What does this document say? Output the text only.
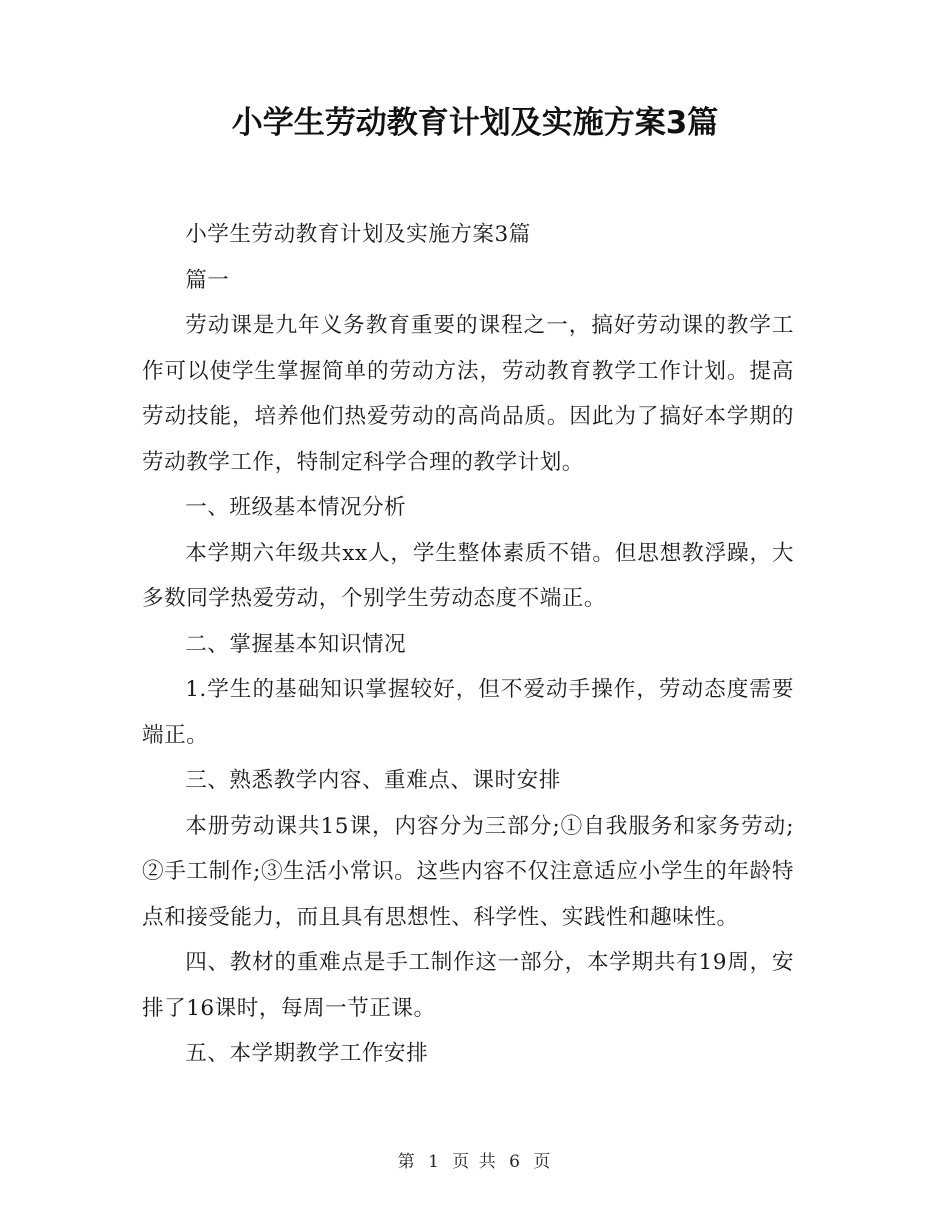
小学生劳动教育计划及实施方案3篇

小学生劳动教育计划及实施方案3篇

篇一

劳动课是九年义务教育重要的课程之一，搞好劳动课的教学工作可以使学生掌握简单的劳动方法，劳动教育教学工作计划。提高劳动技能，培养他们热爱劳动的高尚品质。因此为了搞好本学期的劳动教学工作，特制定科学合理的教学计划。

一、班级基本情况分析

本学期六年级共xx人，学生整体素质不错。但思想教浮躁，大多数同学热爱劳动，个别学生劳动态度不端正。

二、掌握基本知识情况

1.学生的基础知识掌握较好，但不爱动手操作，劳动态度需要端正。

三、熟悉教学内容、重难点、课时安排

本册劳动课共15课，内容分为三部分;①自我服务和家务劳动;②手工制作;③生活小常识。这些内容不仅注意适应小学生的年龄特点和接受能力，而且具有思想性、科学性、实践性和趣味性。

四、教材的重难点是手工制作这一部分，本学期共有19周，安排了16课时，每周一节正课。

五、本学期教学工作安排

第 1 页 共 6 页
